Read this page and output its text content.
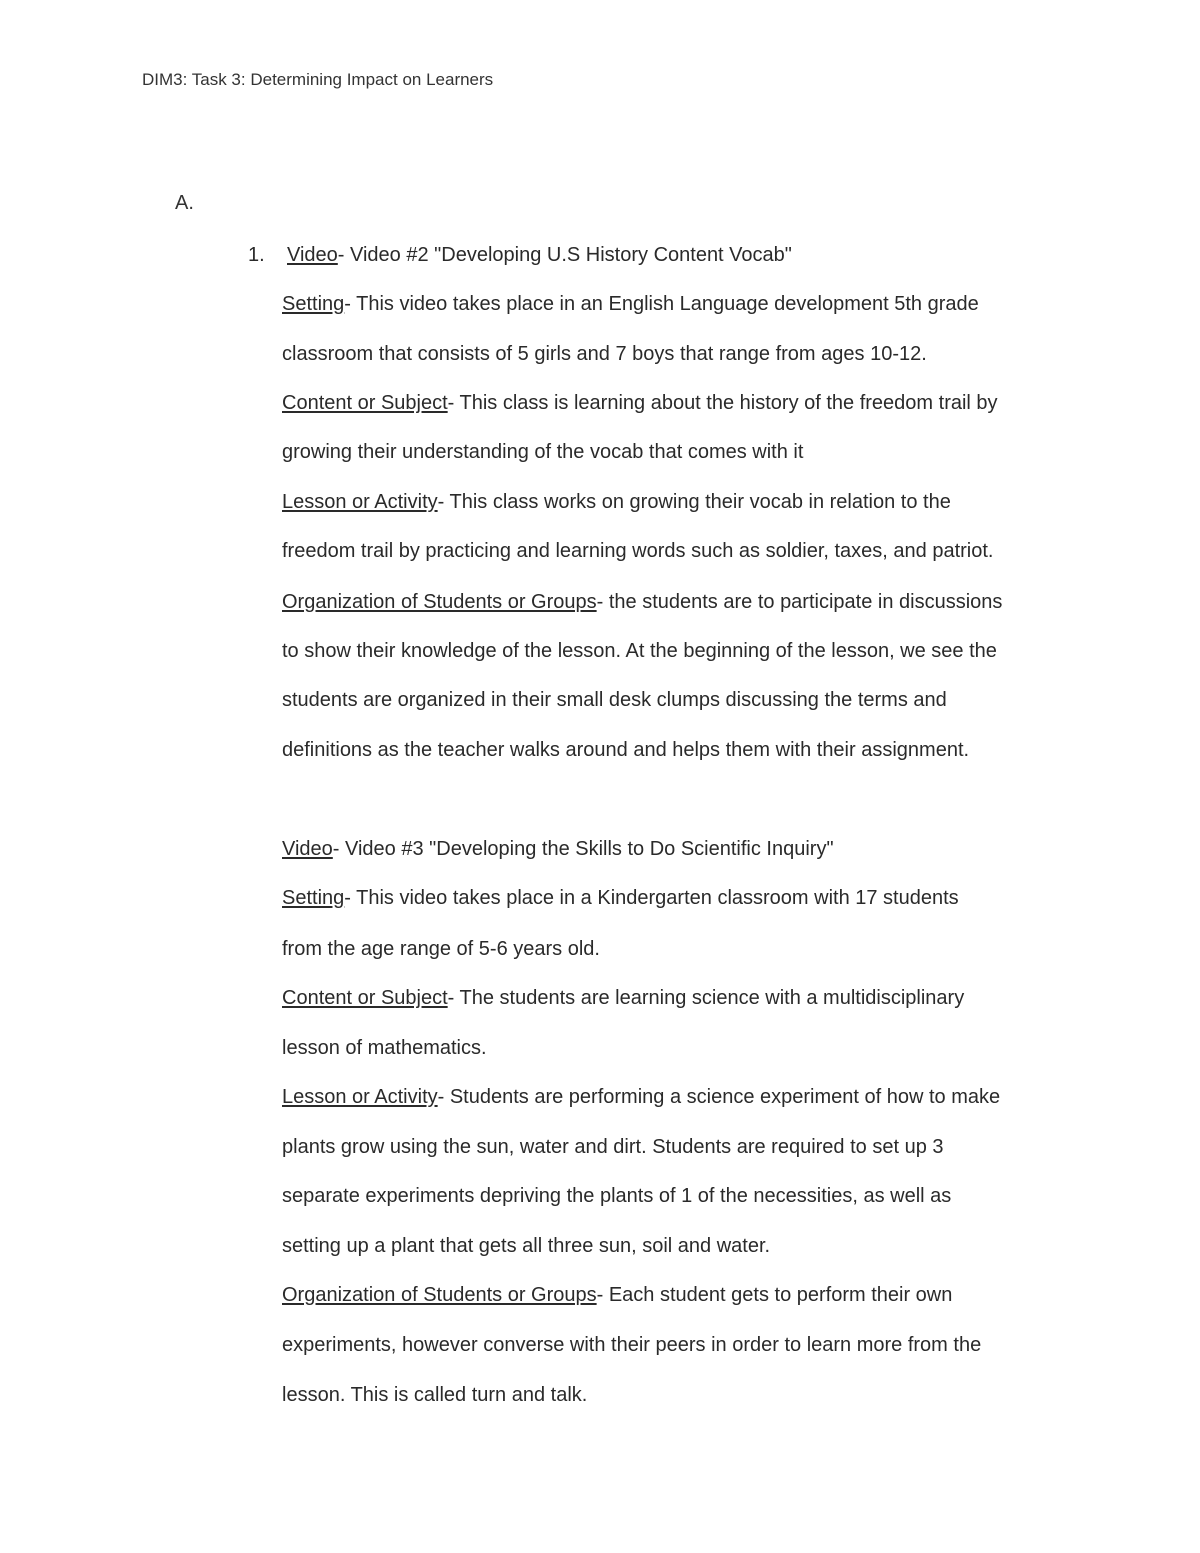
DIM3: Task 3: Determining Impact on Learners
A.
1. Video- Video #2 "Developing U.S History Content Vocab"
Setting- This video takes place in an English Language development 5th grade
classroom that consists of 5 girls and 7 boys that range from ages 10-12.
Content or Subject- This class is learning about the history of the freedom trail by
growing their understanding of the vocab that comes with it
Lesson or Activity- This class works on growing their vocab in relation to the
freedom trail by practicing and learning words such as soldier, taxes, and patriot.
Organization of Students or Groups- the students are to participate in discussions
to show their knowledge of the lesson. At the beginning of the lesson, we see the
students are organized in their small desk clumps discussing the terms and
definitions as the teacher walks around and helps them with their assignment.
Video- Video #3 "Developing the Skills to Do Scientific Inquiry"
Setting- This video takes place in a Kindergarten classroom with 17 students
from the age range of 5-6 years old.
Content or Subject- The students are learning science with a multidisciplinary
lesson of mathematics.
Lesson or Activity- Students are performing a science experiment of how to make
plants grow using the sun, water and dirt. Students are required to set up 3
separate experiments depriving the plants of 1 of the necessities, as well as
setting up a plant that gets all three sun, soil and water.
Organization of Students or Groups- Each student gets to perform their own
experiments, however converse with their peers in order to learn more from the
lesson. This is called turn and talk.
